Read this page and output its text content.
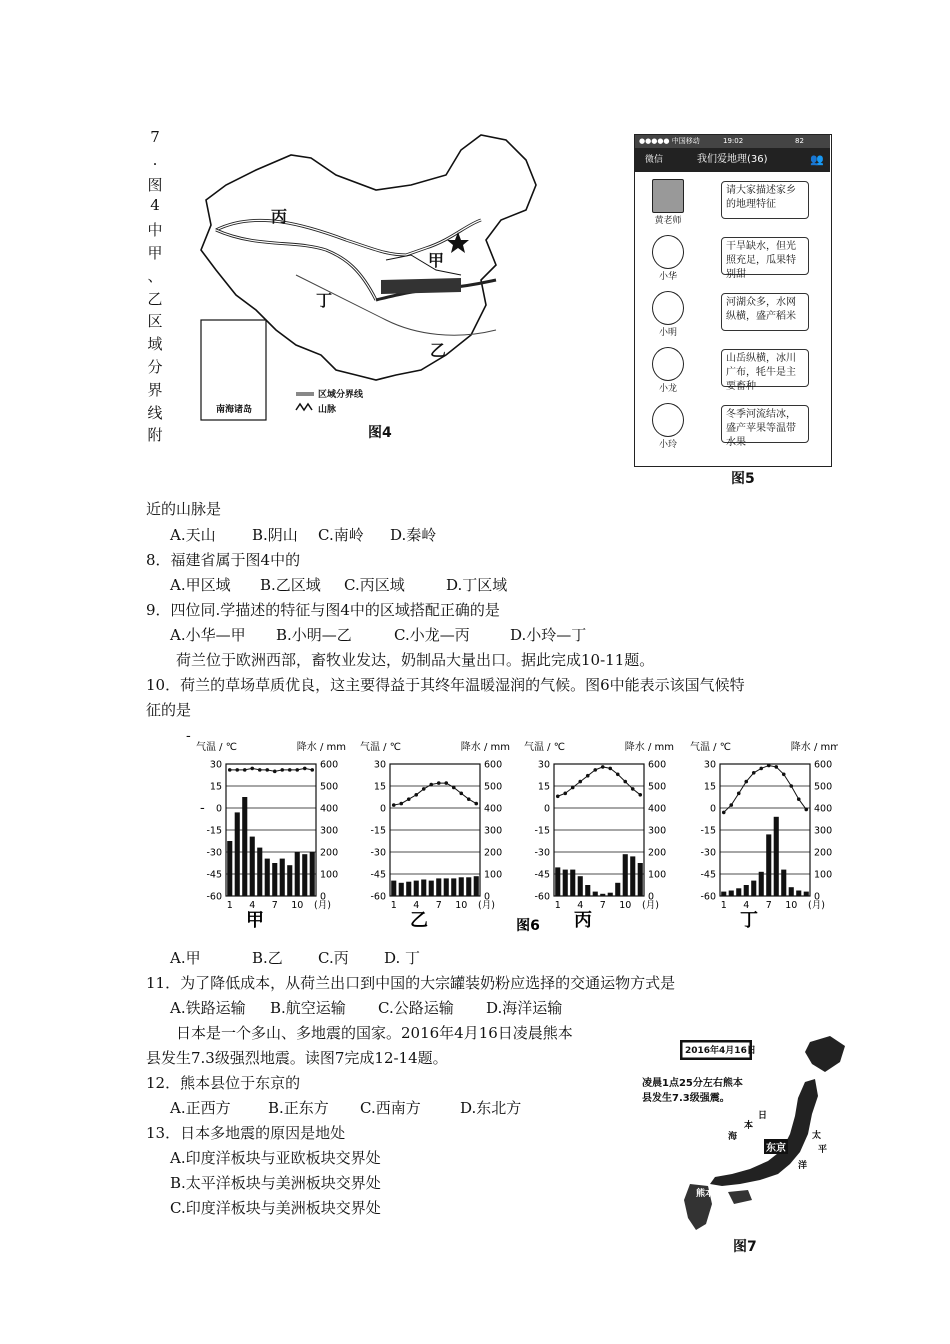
7
.
图
4
中
甲
、
乙
区
域
分
界
线
附
丙
甲
丁
乙
南海诸岛
区域分界线
山脉
图4
●●●●● 中国移动	19:02	82
微信	我们爱地理(36)	👥
黄老师
请大家描述家乡的地理特征
小华
干旱缺水，但光照充足，瓜果特别甜
小明
河湖众多，水网纵横，盛产稻米
小龙
山岳纵横，冰川广布，牦牛是主要畜种
小玲
冬季河流结冰，盛产苹果等温带水果
图5
近的山脉是
A.天山 B.阴山 C.南岭 D.秦岭
8．福建省属于图4中的
A.甲区域 B.乙区域 C.丙区域	D.丁区域
9．四位同.学描述的特征与图4中的区域搭配正确的是
A.小华—甲 B.小明—乙	C.小龙—丙	D.小玲—丁
荷兰位于欧洲西部，畜牧业发达，奶制品大量出口。据此完成10-11题。
10．荷兰的草场草质优良，这主要得益于其终年温暖湿润的气候。图6中能表示该国气候特
征的是
-
-
气温 / ℃	降水 / mm
30	600
15	500
0	400
-15	300
-30	200
-45	100
-60	0
1 4 7 10 (月)
甲
气温 / ℃	降水 / mm
30	600
15	500
0	400
-15	300
-30	200
-45	100
-60	0
1 4 7 10 (月)
乙
气温 / ℃	降水 / mm
30	600
15	500
0	400
-15	300
-30	200
-45	100
-60	0
1 4 7 10 (月)
丙
气温 / ℃	降水 / mm
30	600
15	500
0	400
-15	300
-30	200
-45	100
-60	0
1 4 7 10 (月)
丁
图6
A.甲	B.乙 C.丙 D. 丁
11．为了降低成本，从荷兰出口到中国的大宗罐装奶粉应选择的交通运物方式是
A.铁路运输 B.航空运输 C.公路运输 D.海洋运输
日本是一个多山、多地震的国家。2016年4月16日凌晨熊本
县发生7.3级强烈地震。读图7完成12-14题。
12．熊本县位于东京的
A.正西方 B.正东方 C.西南方	D.东北方
13．日本多地震的原因是地处
A.印度洋板块与亚欧板块交界处
B.太平洋板块与美洲板块交界处
C.印度洋板块与美洲板块交界处
2016年4月16日
凌晨1点25分左右熊本
县发生7.3级强震。
日
本
海	太
平
洋
东京
熊本
图7
